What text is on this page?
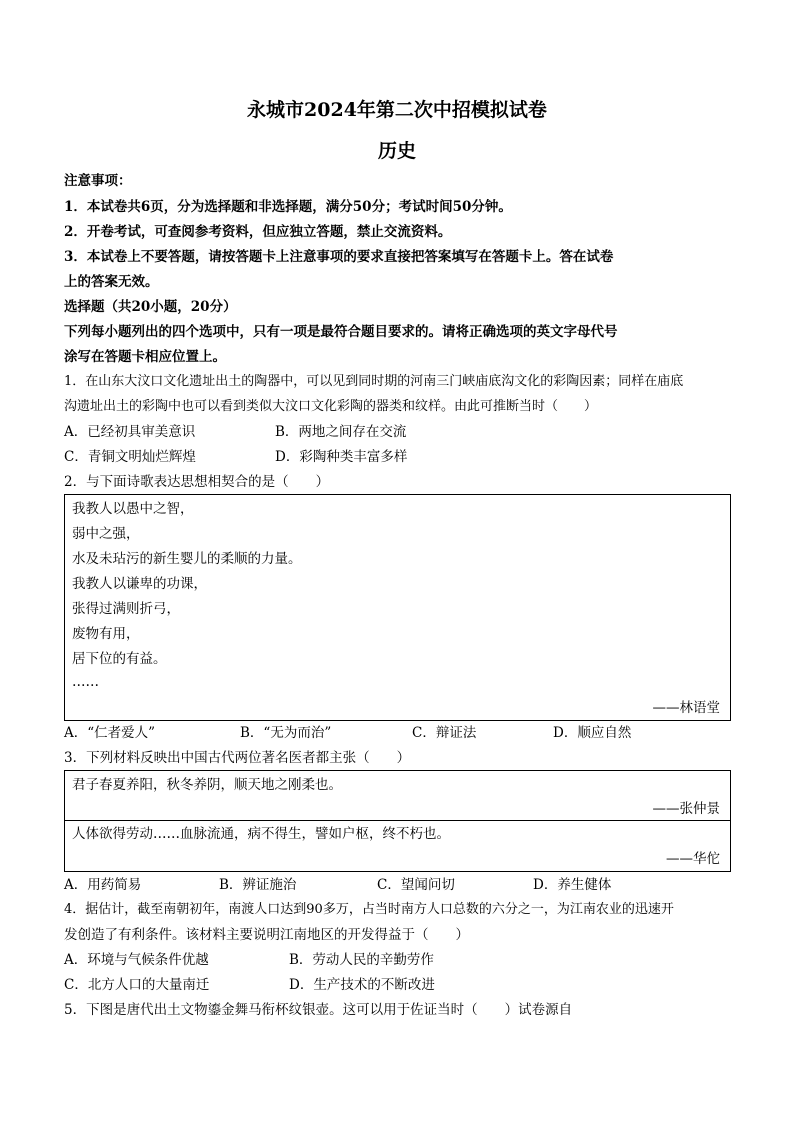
永城市2024年第二次中招模拟试卷
历史
注意事项：
1．本试卷共6页，分为选择题和非选择题，满分50分；考试时间50分钟。
2．开卷考试，可查阅参考资料，但应独立答题，禁止交流资料。
3．本试卷上不要答题，请按答题卡上注意事项的要求直接把答案填写在答题卡上。答在试卷
上的答案无效。
选择题（共20小题，20分）
下列每小题列出的四个选项中，只有一项是最符合题目要求的。请将正确选项的英文字母代号
涂写在答题卡相应位置上。
1．在山东大汶口文化遗址出土的陶器中，可以见到同时期的河南三门峡庙底沟文化的彩陶因素；同样在庙底
沟遗址出土的彩陶中也可以看到类似大汶口文化彩陶的器类和纹样。由此可推断当时（　　）
A．已经初具审美意识	B．两地之间存在交流
C．青铜文明灿烂辉煌	D．彩陶种类丰富多样
2．与下面诗歌表达思想相契合的是（　　）
我教人以愚中之智，
弱中之强，
水及未玷污的新生婴儿的柔顺的力量。
我教人以谦卑的功课，
张得过满则折弓，
废物有用，
居下位的有益。
……
——林语堂
A．“仁者爱人”	B．“无为而治”	C．辩证法	D．顺应自然
3．下列材料反映出中国古代两位著名医者都主张（　　）
君子春夏养阳，秋冬养阴，顺天地之刚柔也。
——张仲景
人体欲得劳动……血脉流通，病不得生，譬如户枢，终不朽也。
——华佗
A．用药简易	B．辨证施治	C．望闻问切	D．养生健体
4．据估计，截至南朝初年，南渡人口达到90多万，占当时南方人口总数的六分之一，为江南农业的迅速开
发创造了有利条件。该材料主要说明江南地区的开发得益于（　　）
A．环境与气候条件优越	B．劳动人民的辛勤劳作
C．北方人口的大量南迁	D．生产技术的不断改进
5．下图是唐代出土文物鎏金舞马衔杯纹银壶。这可以用于佐证当时（　　）试卷源自
